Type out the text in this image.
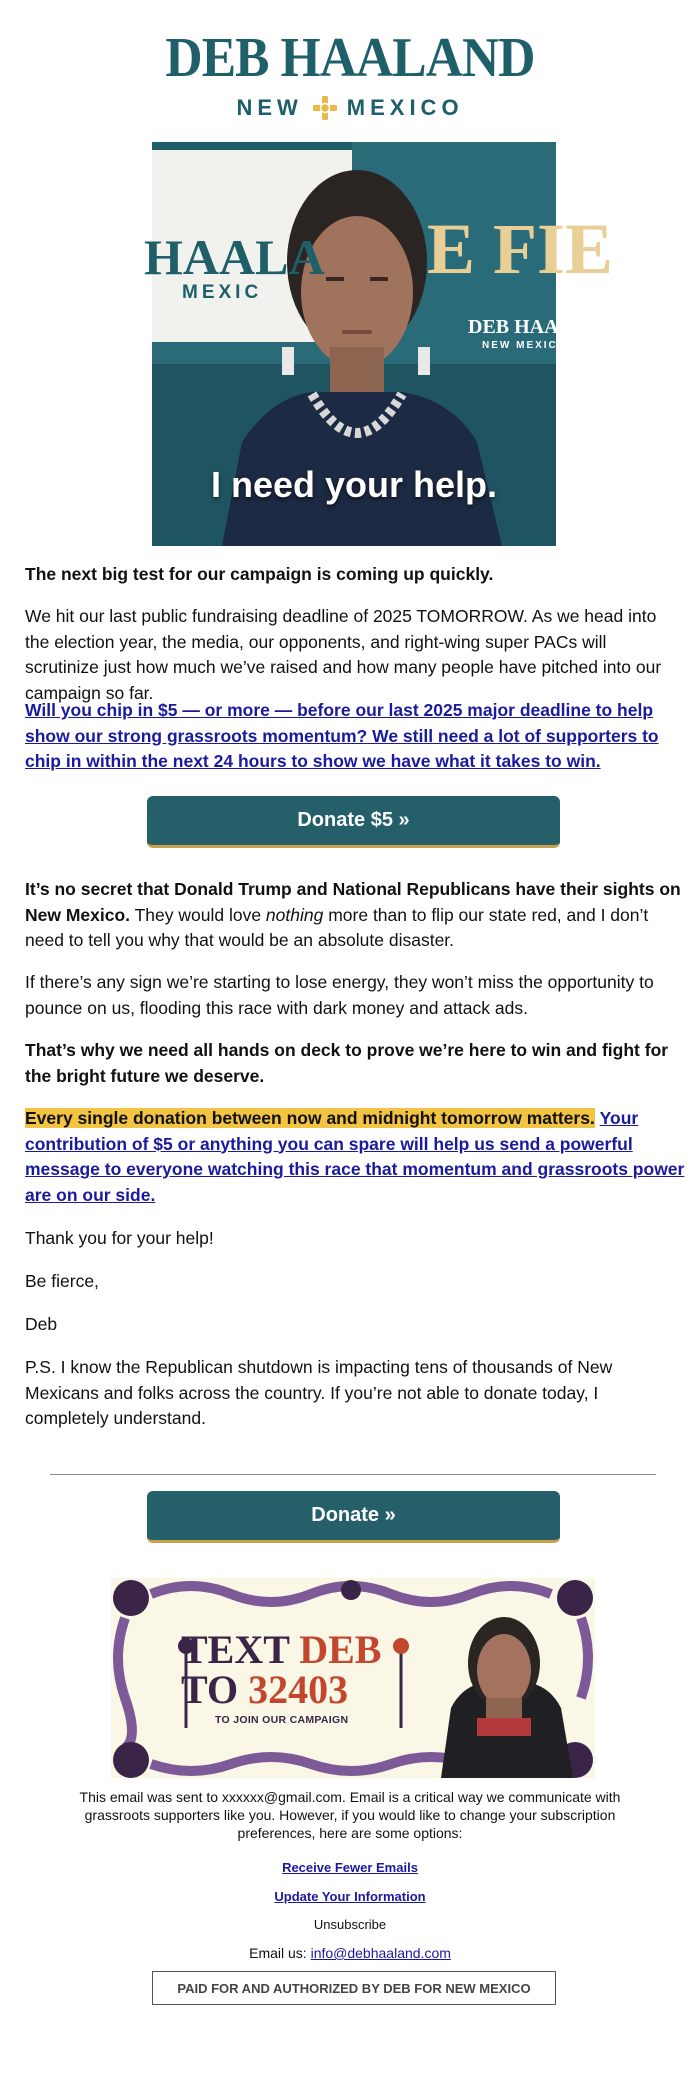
DEB HAALAND
NEW MEXICO
HAALA
MEXIC
E FIE
DEB HAALA
NEW MEXIC
I need your help.

The next big test for our campaign is coming up quickly.

We hit our last public fundraising deadline of 2025 TOMORROW. As we head into the election year, the media, our opponents, and right-wing super PACs will scrutinize just how much we’ve raised and how many people have pitched into our campaign so far.

Will you chip in $5 — or more — before our last 2025 major deadline to help show our strong grassroots momentum? We still need a lot of supporters to chip in within the next 24 hours to show we have what it takes to win.

Donate $5 »

It’s no secret that Donald Trump and National Republicans have their sights on New Mexico. They would love nothing more than to flip our state red, and I don’t need to tell you why that would be an absolute disaster.

If there’s any sign we’re starting to lose energy, they won’t miss the opportunity to pounce on us, flooding this race with dark money and attack ads.

That’s why we need all hands on deck to prove we’re here to win and fight for the bright future we deserve.

Every single donation between now and midnight tomorrow matters. Your contribution of $5 or anything you can spare will help us send a powerful message to everyone watching this race that momentum and grassroots power are on our side.

Thank you for your help!

Be fierce,

Deb

P.S. I know the Republican shutdown is impacting tens of thousands of New Mexicans and folks across the country. If you’re not able to donate today, I completely understand.

Donate »
TEXT DEB
TO 32403
TO JOIN OUR CAMPAIGN

This email was sent to xxxxxx@gmail.com. Email is a critical way we communicate with grassroots supporters like you. However, if you would like to change your subscription preferences, here are some options:

Receive Fewer Emails

Update Your Information

Unsubscribe

Email us: info@debhaaland.com

PAID FOR AND AUTHORIZED BY DEB FOR NEW MEXICO
